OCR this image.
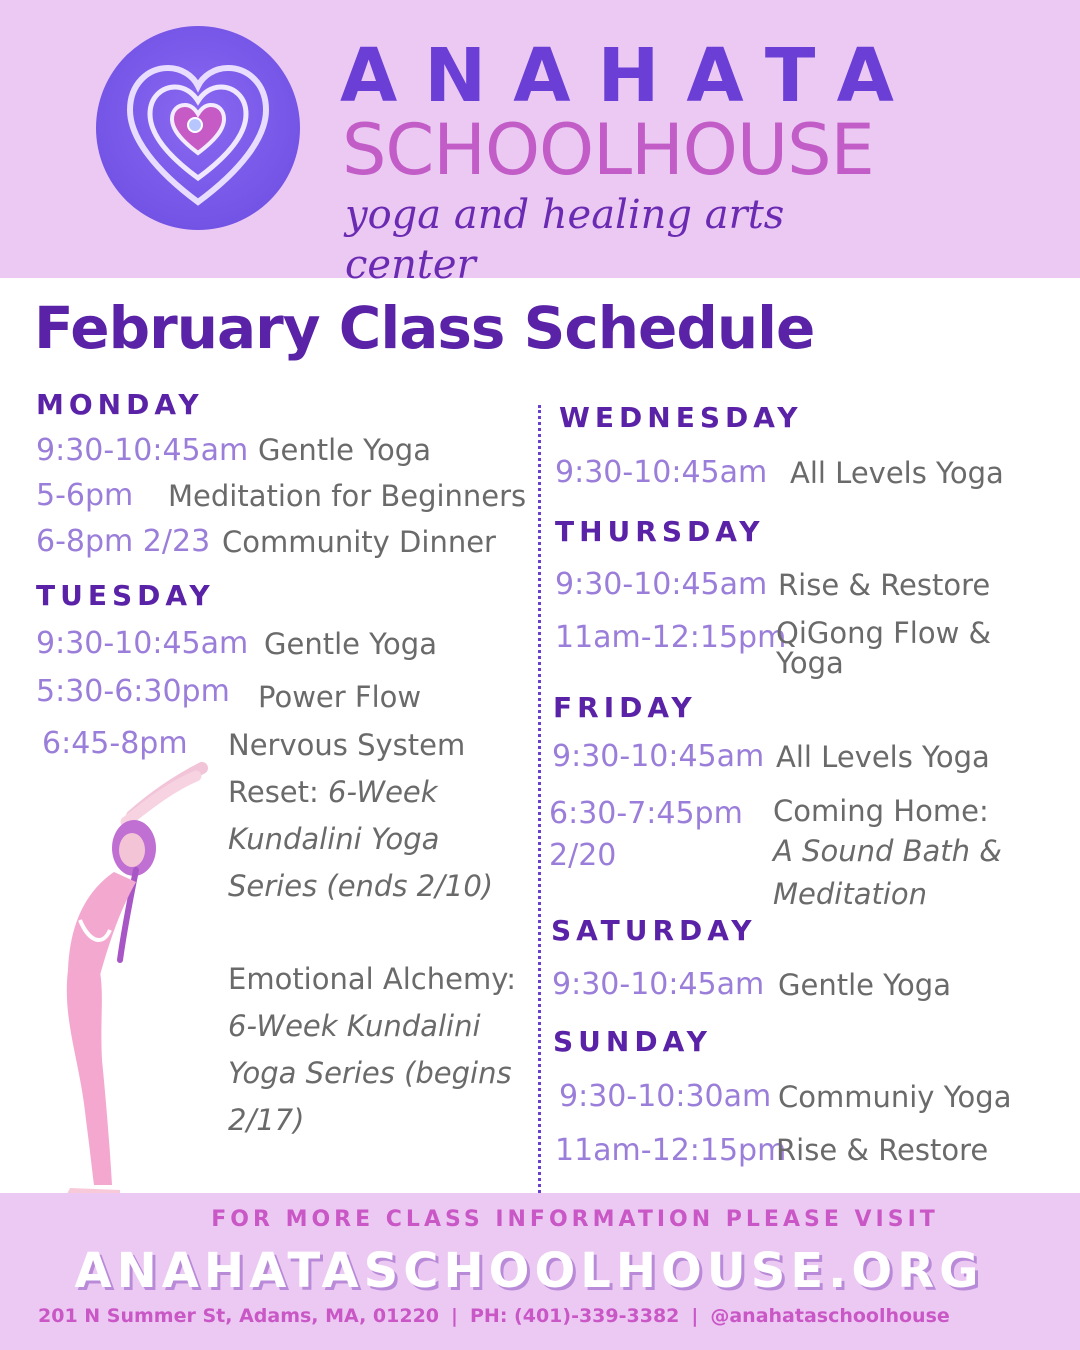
ANAHATA
SCHOOLHOUSE
yoga and healing arts center
February Class Schedule
MONDAY
9:30-10:45am Gentle Yoga
5-6pm Meditation for Beginners
6-8pm 2/23 Community Dinner
TUESDAY
9:30-10:45am Gentle Yoga
5:30-6:30pm Power Flow
6:45-8pm Nervous System Reset: 6-Week Kundalini Yoga Series (ends 2/10)
Emotional Alchemy: 6-Week Kundalini Yoga Series (begins 2/17)
WEDNESDAY
9:30-10:45am All Levels Yoga
THURSDAY
9:30-10:45am Rise & Restore
11am-12:15pm
QiGong Flow & Yoga
FRIDAY
9:30-10:45am All Levels Yoga
6:30-7:45pm
2/20
Coming Home:
A Sound Bath & Meditation
SATURDAY
9:30-10:45am Gentle Yoga
SUNDAY
9:30-10:30am Communiy Yoga
11am-12:15pm
Rise & Restore
FOR MORE CLASS INFORMATION PLEASE VISIT
ANAHATASCHOOLHOUSE.ORG
201 N Summer St, Adams, MA, 01220 | PH: (401)-339-3382 | @anahataschoolhouse
